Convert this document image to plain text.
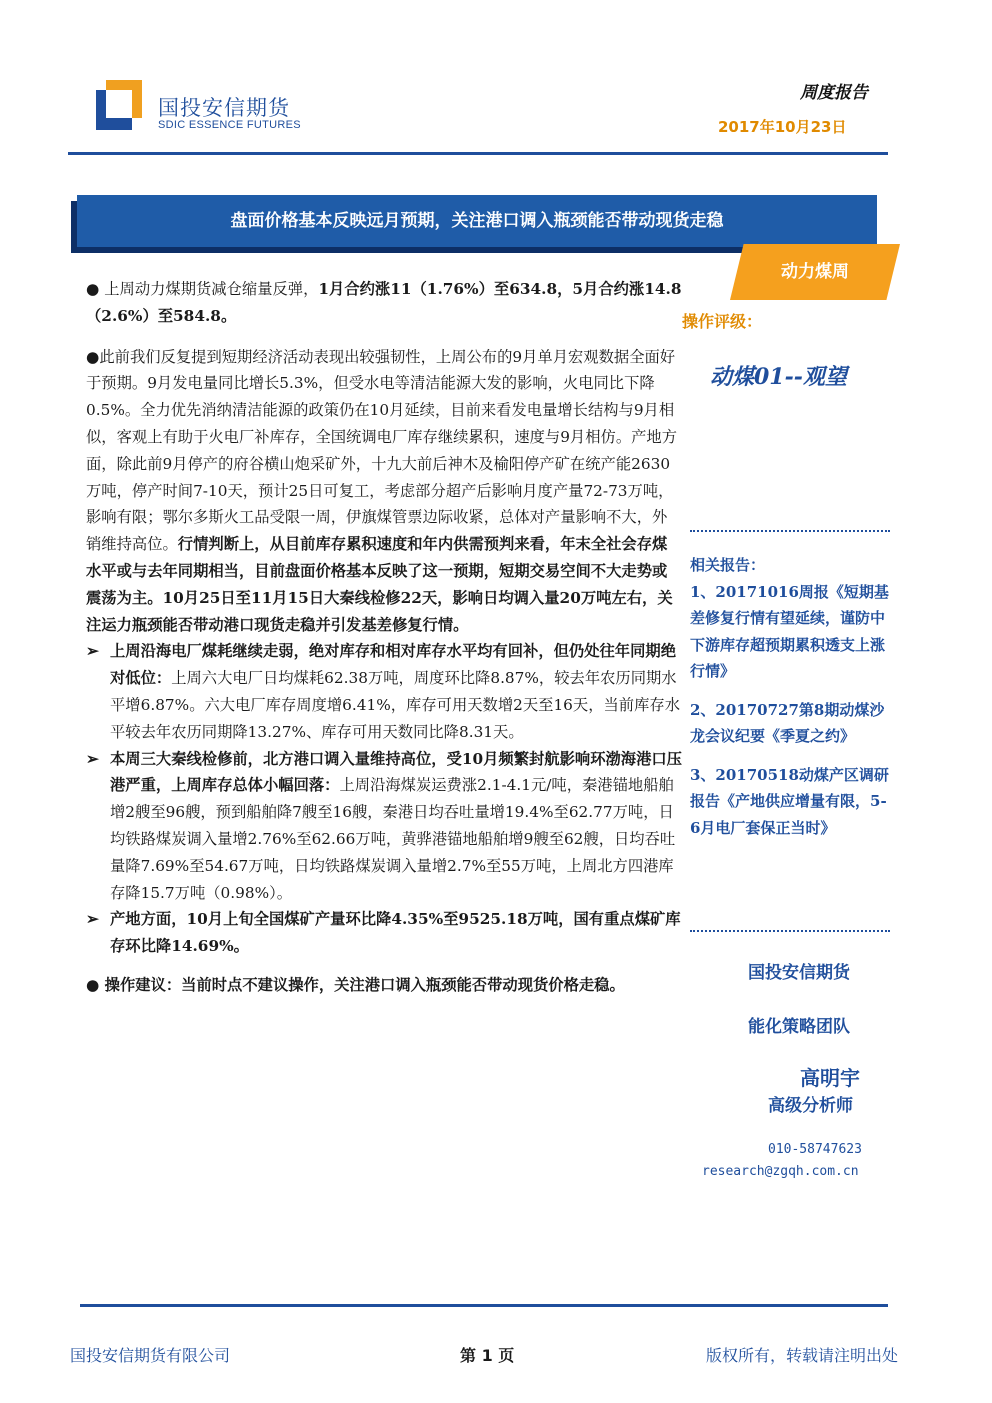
国投安信期货
SDIC ESSENCE FUTURES
周度报告
2017年10月23日
盘面价格基本反映远月预期，关注港口调入瓶颈能否带动现货走稳
动力煤周

● 上周动力煤期货减仓缩量反弹，1月合约涨11（1.76%）至634.8，5月合约涨14.8（2.6%）至584.8。

●此前我们反复提到短期经济活动表现出较强韧性，上周公布的9月单月宏观数据全面好于预期。9月发电量同比增长5.3%，但受水电等清洁能源大发的影响，火电同比下降0.5%。全力优先消纳清洁能源的政策仍在10月延续，目前来看发电量增长结构与9月相似，客观上有助于火电厂补库存，全国统调电厂库存继续累积，速度与9月相仿。产地方面，除此前9月停产的府谷横山炮采矿外，十九大前后神木及榆阳停产矿在统产能2630万吨，停产时间7-10天，预计25日可复工，考虑部分超产后影响月度产量72-73万吨，影响有限；鄂尔多斯火工品受限一周，伊旗煤管票边际收紧，总体对产量影响不大，外销维持高位。行情判断上，从目前库存累积速度和年内供需预判来看，年末全社会存煤水平或与去年同期相当，目前盘面价格基本反映了这一预期，短期交易空间不大走势或震荡为主。10月25日至11月15日大秦线检修22天，影响日均调入量20万吨左右，关注运力瓶颈能否带动港口现货走稳并引发基差修复行情。

➢ 上周沿海电厂煤耗继续走弱，绝对库存和相对库存水平均有回补，但仍处往年同期绝对低位：上周六大电厂日均煤耗62.38万吨，周度环比降8.87%，较去年农历同期水平增6.87%。六大电厂库存周度增6.41%，库存可用天数增2天至16天，当前库存水平较去年农历同期降13.27%、库存可用天数同比降8.31天。

➢ 本周三大秦线检修前，北方港口调入量维持高位，受10月频繁封航影响环渤海港口压港严重，上周库存总体小幅回落：上周沿海煤炭运费涨2.1-4.1元/吨，秦港锚地船舶增2艘至96艘，预到船舶降7艘至16艘，秦港日均吞吐量增19.4%至62.77万吨，日均铁路煤炭调入量增2.76%至62.66万吨，黄骅港锚地船舶增9艘至62艘，日均吞吐量降7.69%至54.67万吨，日均铁路煤炭调入量增2.7%至55万吨，上周北方四港库存降15.7万吨（0.98%）。

➢ 产地方面，10月上旬全国煤矿产量环比降4.35%至9525.18万吨，国有重点煤矿库存环比降14.69%。

● 操作建议：当前时点不建议操作，关注港口调入瓶颈能否带动现货价格走稳。

操作评级：
动煤01--观望

相关报告：

1、20171016周报《短期基差修复行情有望延续，谨防中下游库存超预期累积透支上涨行情》

2、20170727第8期动煤沙龙会议纪要《季夏之约》

3、20170518动煤产区调研报告《产地供应增量有限，5-6月电厂套保正当时》

国投安信期货
能化策略团队
高明宇
高级分析师
010-58747623
research@zgqh.com.cn
国投安信期货有限公司	第 1 页	版权所有，转载请注明出处
